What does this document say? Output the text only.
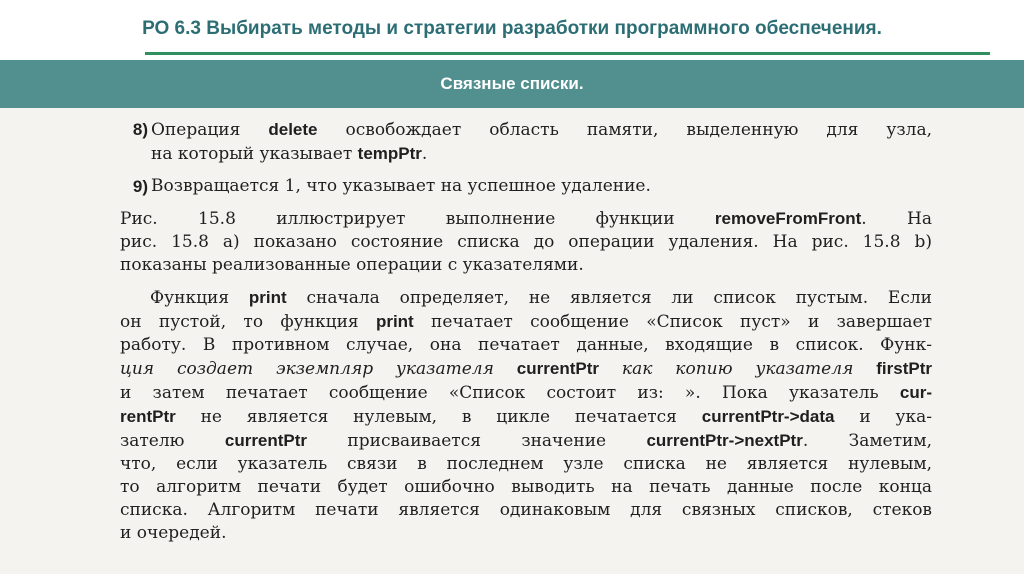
РО 6.3 Выбирать методы и стратегии разработки программного обеспечения.
Связные списки.
8) Операция delete освобождает область памяти, выделенную для узла,
на который указывает tempPtr.
9) Возвращается 1, что указывает на успешное удаление.
Рис. 15.8 иллюстрирует выполнение функции removeFromFront. На
рис. 15.8 а) показано состояние списка до операции удаления. На рис. 15.8 b)
показаны реализованные операции с указателями.
Функция print сначала определяет, не является ли список пустым. Если
он пустой, то функция print печатает сообщение «Список пуст» и завершает
работу. В противном случае, она печатает данные, входящие в список. Функ-
ция создает экземпляр указателя currentPtr как копию указателя firstPtr
и затем печатает сообщение «Список состоит из: ». Пока указатель cur-
rentPtr не является нулевым, в цикле печатается currentPtr->data и ука-
зателю currentPtr присваивается значение currentPtr->nextPtr. Заметим,
что, если указатель связи в последнем узле списка не является нулевым,
то алгоритм печати будет ошибочно выводить на печать данные после конца
списка. Алгоритм печати является одинаковым для связных списков, стеков
и очередей.
